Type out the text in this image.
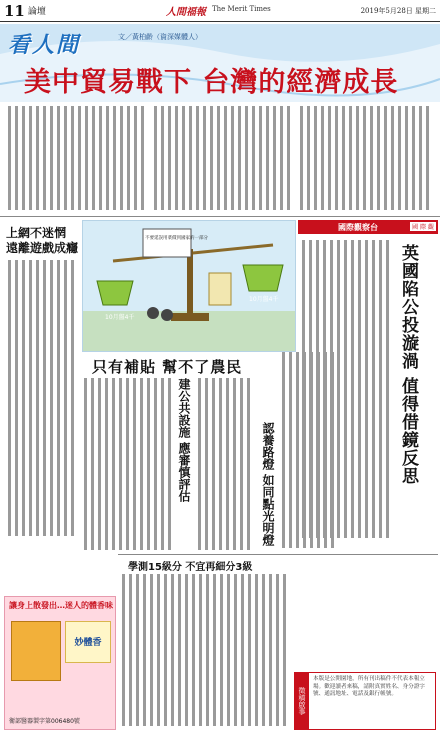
11 論壇	人間福報 The Merit Times	2019年5月28日 星期二
看人間	文／黃柏齡（資深媒體人）
美中貿易戰下 台灣的經濟成長
上網不迷惘 遠離遊戲成癮
10月盤4千
10月盤4千
不要延誤用菜價到國家的一部分
只有補貼 幫不了農民
建公共設施 應審慎評估	認養路燈 如同點光明燈
國際觀察台	國 際 觀
英國陷公投漩渦 值得借鏡反思
學測15級分 不宜再細分3級
讓身上散發出…迷人的體香味
妙體香
衛部醫器製字第006480號
徵稿啟事
本版是公開園地，所有刊出稿件不代表本報立場。歡迎讀者來稿，請附真實姓名、身分證字號、通訊地址、電話及銀行帳號。
